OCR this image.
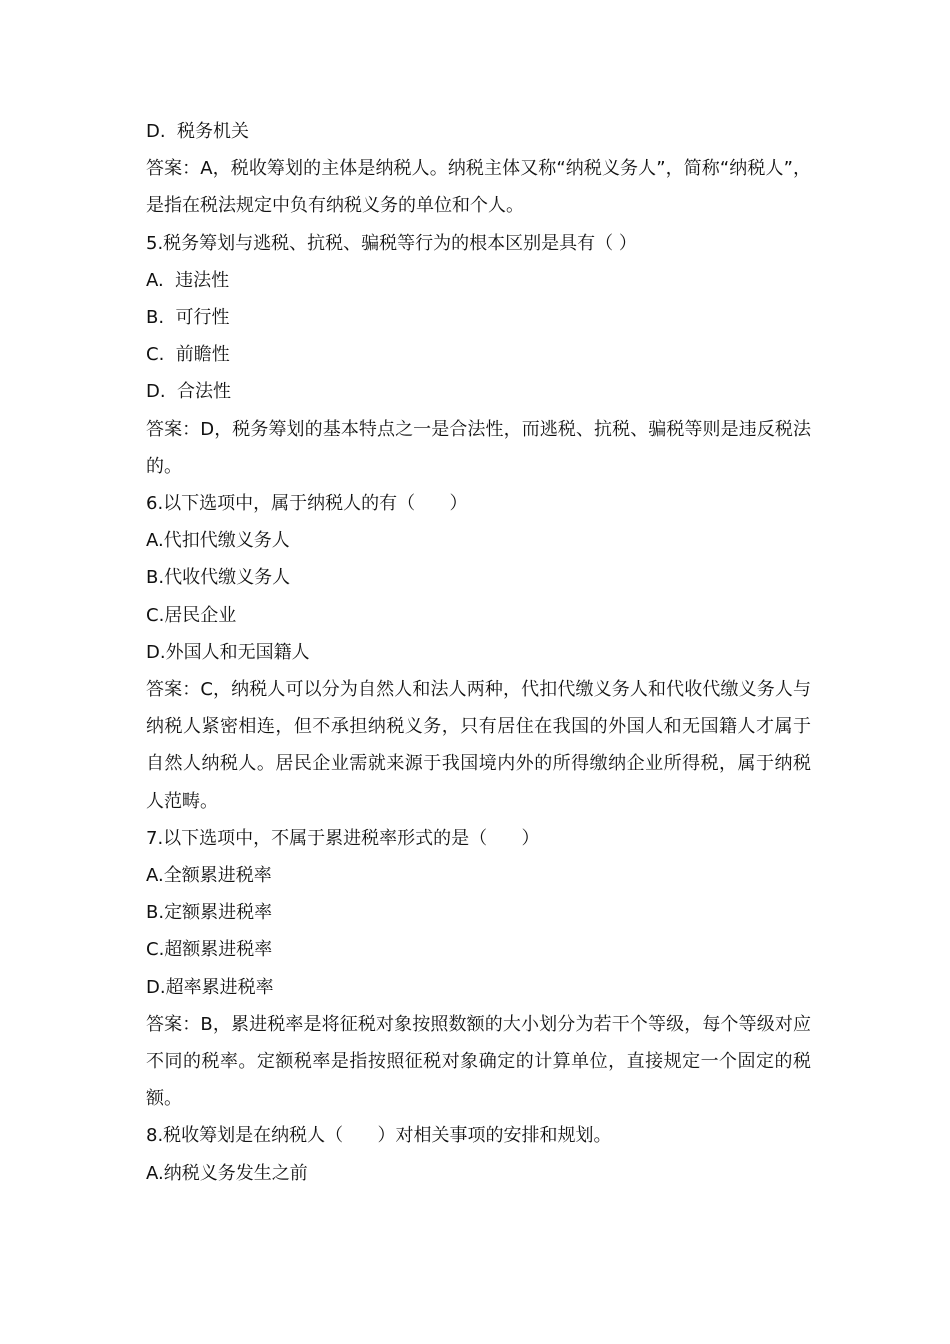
D.  税务机关

答案：A，税收筹划的主体是纳税人。纳税主体又称“纳税义务人”，简称“纳税人”，是指在税法规定中负有纳税义务的单位和个人。

5.税务筹划与逃税、抗税、骗税等行为的根本区别是具有（ ）

A.  违法性

B.  可行性

C.  前瞻性

D.  合法性

答案：D，税务筹划的基本特点之一是合法性，而逃税、抗税、骗税等则是违反税法的。

6.以下选项中，属于纳税人的有（      ）

A.代扣代缴义务人

B.代收代缴义务人

C.居民企业

D.外国人和无国籍人

答案：C，纳税人可以分为自然人和法人两种，代扣代缴义务人和代收代缴义务人与纳税人紧密相连，但不承担纳税义务，只有居住在我国的外国人和无国籍人才属于自然人纳税人。居民企业需就来源于我国境内外的所得缴纳企业所得税，属于纳税人范畴。

7.以下选项中，不属于累进税率形式的是（      ）

A.全额累进税率

B.定额累进税率

C.超额累进税率

D.超率累进税率

答案：B，累进税率是将征税对象按照数额的大小划分为若干个等级，每个等级对应不同的税率。定额税率是指按照征税对象确定的计算单位，直接规定一个固定的税额。

8.税收筹划是在纳税人（      ）对相关事项的安排和规划。

A.纳税义务发生之前
